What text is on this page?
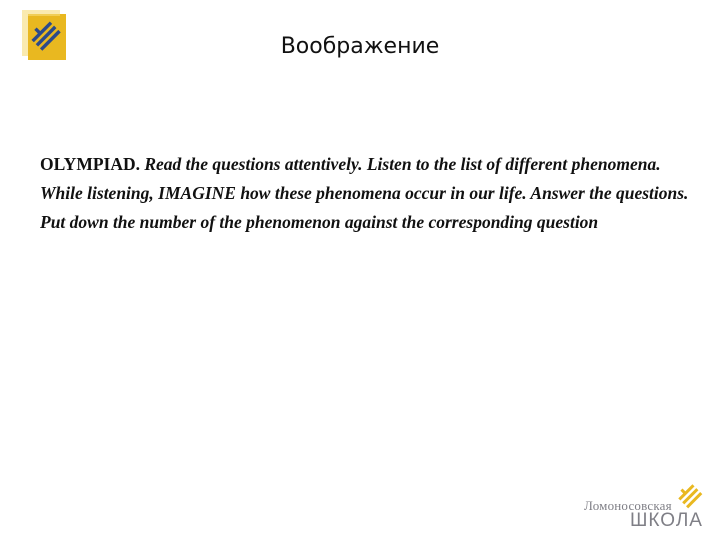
Воображение
OLYMPIAD. Read the questions attentively. Listen to the list of different phenomena. While listening, IMAGINE how these phenomena occur in our life. Answer the questions. Put down the number of the phenomenon against the corresponding question
Ломоносовская
ШКОЛА
